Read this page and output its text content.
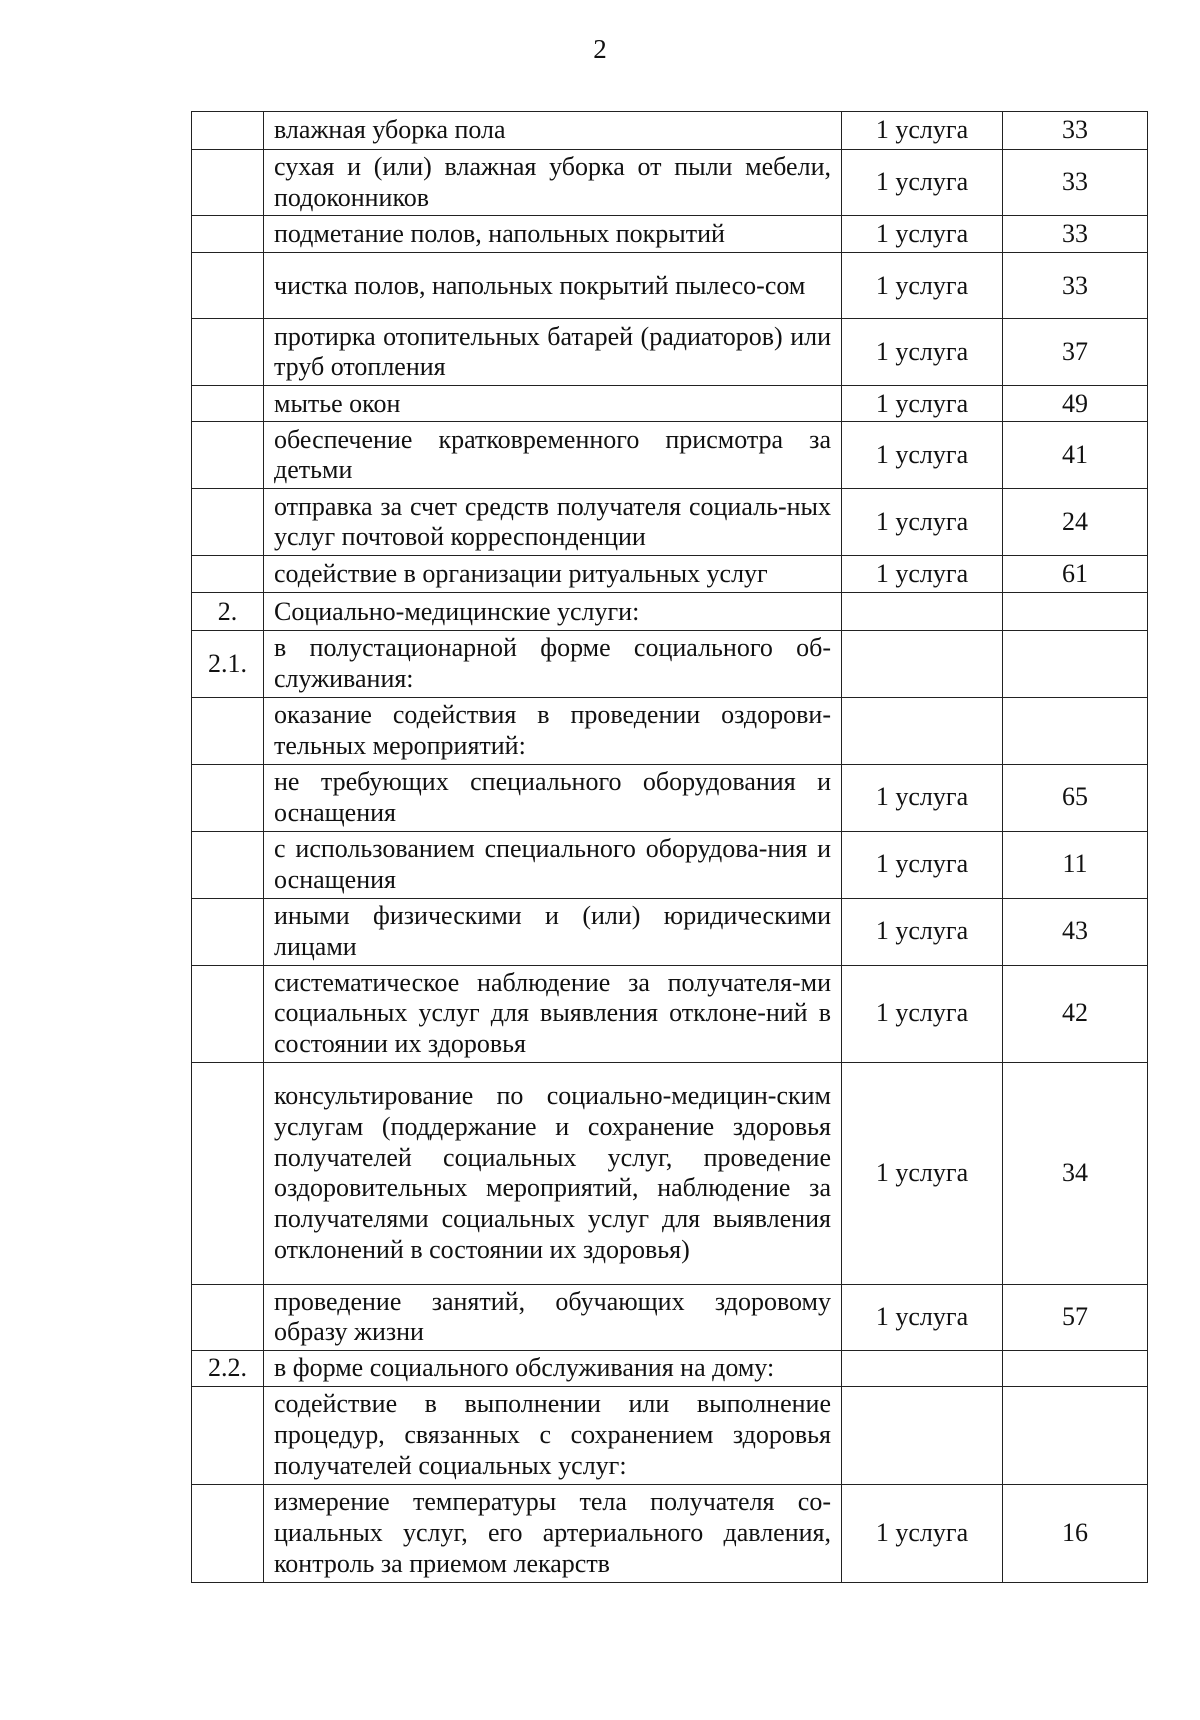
2
	влажная уборка пола	1 услуга	33
	сухая и (или) влажная уборка от пыли мебели, подоконников	1 услуга	33
	подметание полов, напольных покрытий	1 услуга	33
	чистка полов, напольных покрытий пылесо-сом	1 услуга	33
	протирка отопительных батарей (радиаторов) или труб отопления	1 услуга	37
	мытье окон	1 услуга	49
	обеспечение кратковременного присмотра за детьми	1 услуга	41
	отправка за счет средств получателя социаль-ных услуг почтовой корреспонденции	1 услуга	24
	содействие в организации ритуальных услуг	1 услуга	61
2.	Социально-медицинские услуги:		
2.1.	в полустационарной форме социального об-служивания:		
	оказание содействия в проведении оздорови-тельных мероприятий:		
	не требующих специального оборудования и оснащения	1 услуга	65
	с использованием специального оборудова-ния и оснащения	1 услуга	11
	иными физическими и (или) юридическими лицами	1 услуга	43
	систематическое наблюдение за получателя-ми социальных услуг для выявления отклоне-ний в состоянии их здоровья	1 услуга	42
	консультирование по социально-медицин-ским услугам (поддержание и сохранение здоровья получателей социальных услуг, проведение оздоровительных мероприятий, наблюдение за получателями социальных услуг для выявления отклонений в состоянии их здоровья)	1 услуга	34
	проведение занятий, обучающих здоровому образу жизни	1 услуга	57
2.2.	в форме социального обслуживания на дому:		
	содействие в выполнении или выполнение процедур, связанных с сохранением здоровья получателей социальных услуг:		
	измерение температуры тела получателя со-циальных услуг, его артериального давления, контроль за приемом лекарств	1 услуга	16
